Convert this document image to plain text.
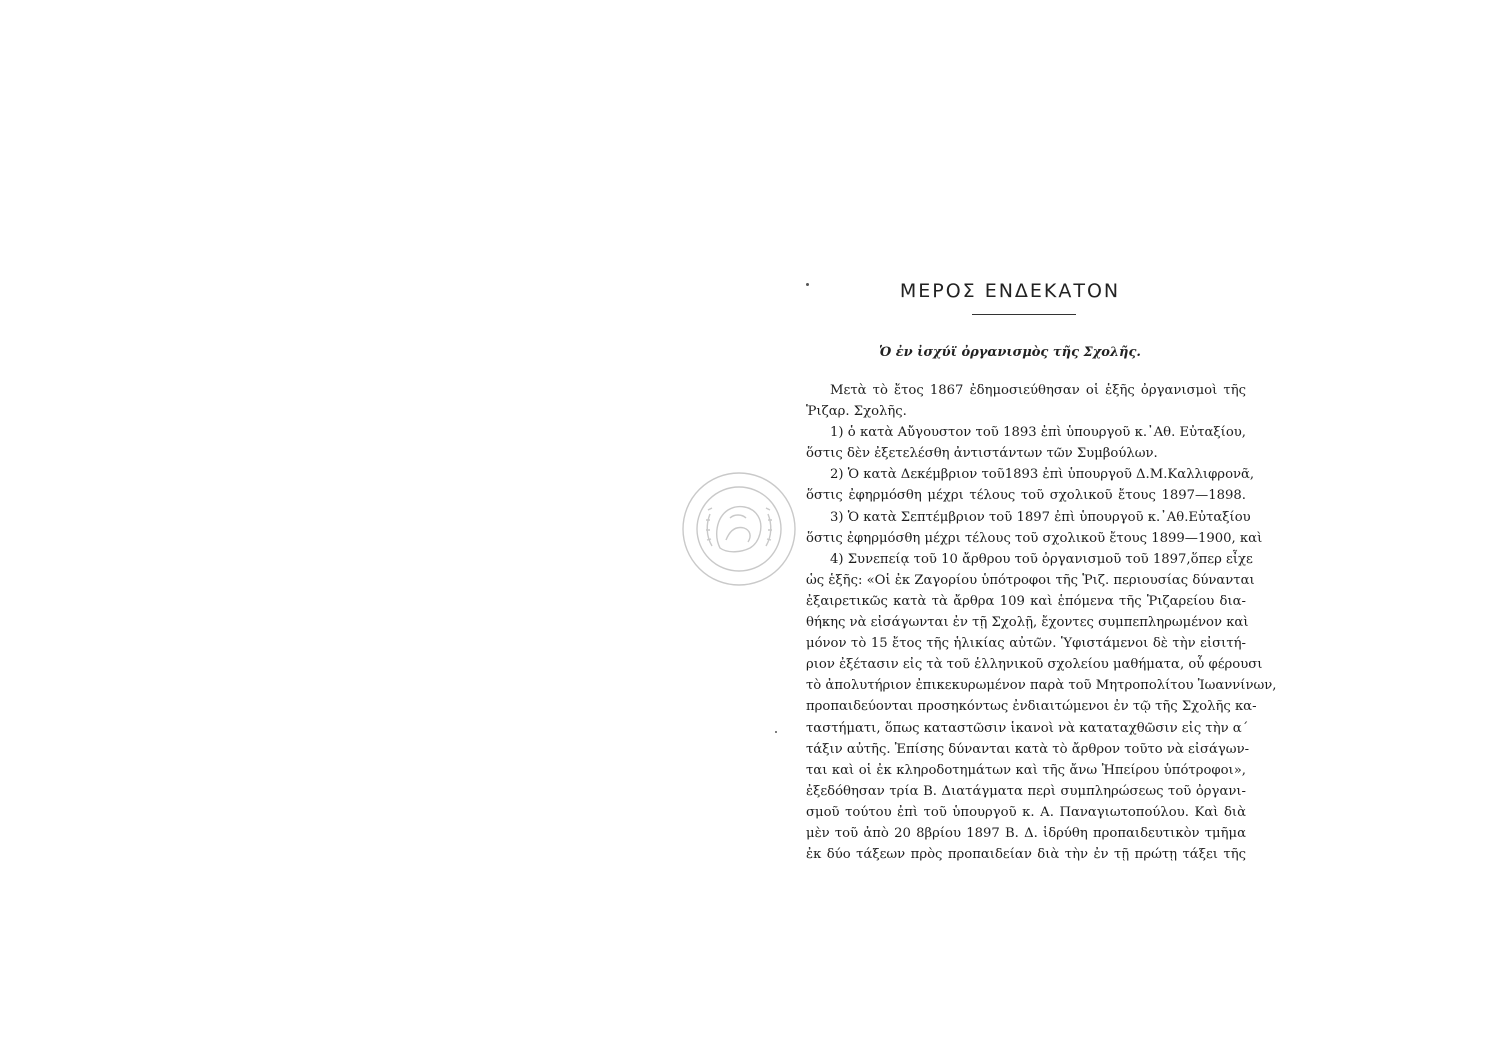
ΜΕΡΟΣ ΕΝΔΕΚΑΤΟΝ
Ὁ ἐν ἰσχύϊ ὀργανισμὸς τῆς Σχολῆς.
Μετὰ τὸ ἔτος 1867 ἐδημοσιεύθησαν οἱ ἑξῆς ὀργανισμοὶ τῆς
Ῥιζαρ. Σχολῆς.
1) ὁ κατὰ Αὔγουστον τοῦ 1893 ἐπὶ ὑπουργοῦ κ.᾿Αθ. Εὐταξίου,
ὅστις δὲν ἐξετελέσθη ἀντιστάντων τῶν Συμβούλων.
2) Ὁ κατὰ Δεκέμβριον τοῦ1893 ἐπὶ ὑπουργοῦ Δ.Μ.Καλλιφρονᾶ,
ὅστις ἐφηρμόσθη μέχρι τέλους τοῦ σχολικοῦ ἔτους 1897—1898.
3) Ὁ κατὰ Σεπτέμβριον τοῦ 1897 ἐπὶ ὑπουργοῦ κ.᾿Αθ.Εὐταξίου
ὅστις ἐφηρμόσθη μέχρι τέλους τοῦ σχολικοῦ ἔτους 1899—1900, καὶ
4) Συνεπείᾳ τοῦ 10 ἄρθρου τοῦ ὀργανισμοῦ τοῦ 1897,ὅπερ εἶχε
ὡς ἑξῆς: «Οἱ ἐκ Ζαγορίου ὑπότροφοι τῆς Ῥιζ. περιουσίας δύνανται
ἐξαιρετικῶς κατὰ τὰ ἄρθρα 109 καὶ ἑπόμενα τῆς Ῥιζαρείου δια-
θήκης νὰ εἰσάγωνται ἐν τῇ Σχολῇ, ἔχοντες συμπεπληρωμένον καὶ
μόνον τὸ 15 ἔτος τῆς ἡλικίας αὐτῶν. Ὑφιστάμενοι δὲ τὴν εἰσιτή-
ριον ἐξέτασιν εἰς τὰ τοῦ ἑλληνικοῦ σχολείου μαθήματα, οὗ φέρουσι
τὸ ἀπολυτήριον ἐπικεκυρωμένον παρὰ τοῦ Μητροπολίτου Ἰωαννίνων,
προπαιδεύονται προσηκόντως ἐνδιαιτώμενοι ἐν τῷ τῆς Σχολῆς κα-
ταστήματι, ὅπως καταστῶσιν ἱκανοὶ νὰ καταταχθῶσιν εἰς τὴν α΄
τάξιν αὐτῆς. Ἐπίσης δύνανται κατὰ τὸ ἄρθρον τοῦτο νὰ εἰσάγων-
ται καὶ οἱ ἐκ κληροδοτημάτων καὶ τῆς ἄνω Ἠπείρου ὑπότροφοι»,
ἐξεδόθησαν τρία Β. Διατάγματα περὶ συμπληρώσεως τοῦ ὀργανι-
σμοῦ τούτου ἐπὶ τοῦ ὑπουργοῦ κ. Α. Παναγιωτοπούλου. Καὶ διὰ
μὲν τοῦ ἀπὸ 20 8βρίου 1897 Β. Δ. ἱδρύθη προπαιδευτικὸν τμῆμα
ἐκ δύο τάξεων πρὸς προπαιδείαν διὰ τὴν ἐν τῇ πρώτῃ τάξει τῆς
